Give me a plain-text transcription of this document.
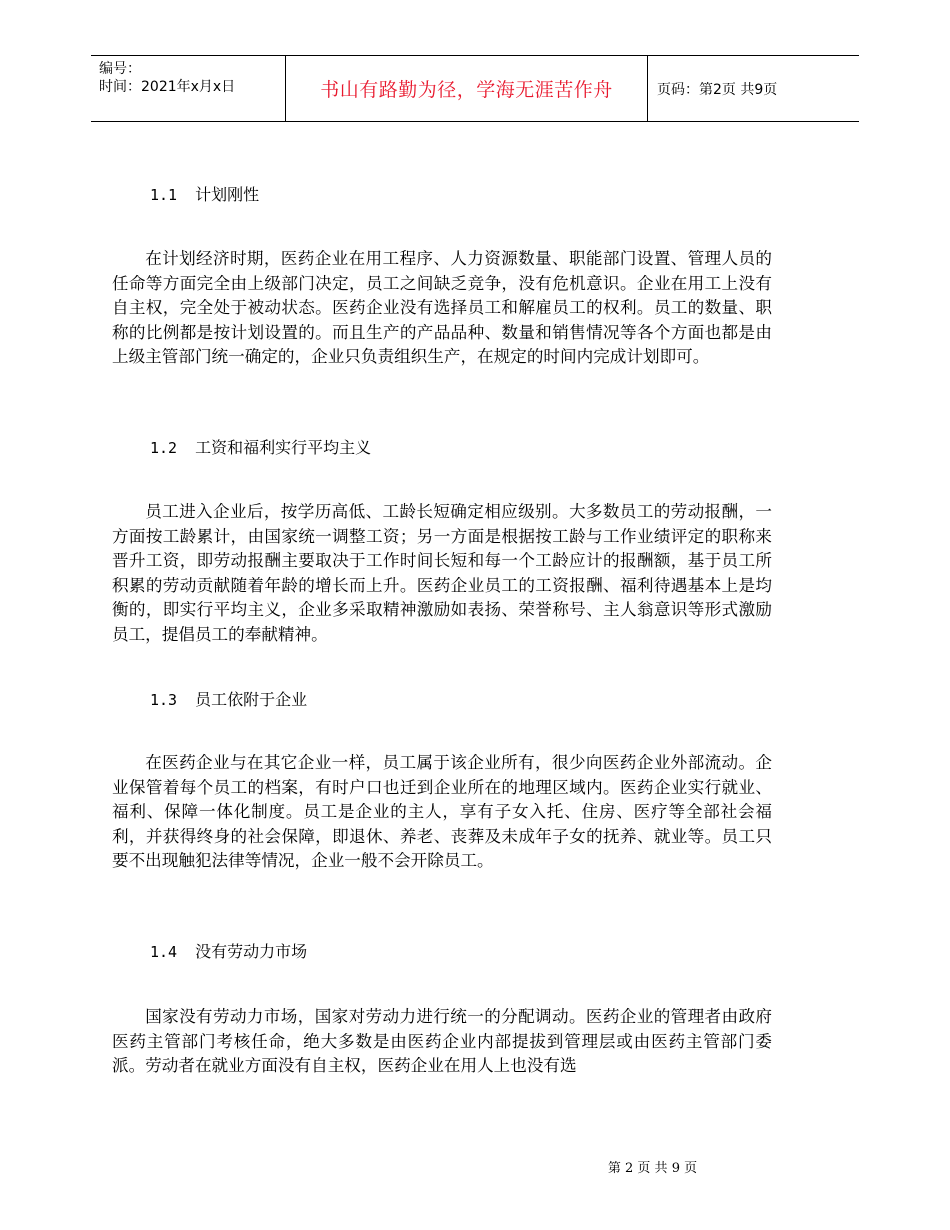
编号：
时间：2021年x月x日	书山有路勤为径，学海无涯苦作舟	页码：第2页 共9页
1.1 计划刚性

在计划经济时期，医药企业在用工程序、人力资源数量、职能部门设置、管理人员的任命等方面完全由上级部门决定，员工之间缺乏竞争，没有危机意识。企业在用工上没有自主权，完全处于被动状态。医药企业没有选择员工和解雇员工的权利。员工的数量、职称的比例都是按计划设置的。而且生产的产品品种、数量和销售情况等各个方面也都是由上级主管部门统一确定的，企业只负责组织生产，在规定的时间内完成计划即可。

1.2 工资和福利实行平均主义

员工进入企业后，按学历高低、工龄长短确定相应级别。大多数员工的劳动报酬，一方面按工龄累计，由国家统一调整工资；另一方面是根据按工龄与工作业绩评定的职称来晋升工资，即劳动报酬主要取决于工作时间长短和每一个工龄应计的报酬额，基于员工所积累的劳动贡献随着年龄的增长而上升。医药企业员工的工资报酬、福利待遇基本上是均衡的，即实行平均主义，企业多采取精神激励如表扬、荣誉称号、主人翁意识等形式激励员工，提倡员工的奉献精神。

1.3 员工依附于企业

在医药企业与在其它企业一样，员工属于该企业所有，很少向医药企业外部流动。企业保管着每个员工的档案，有时户口也迁到企业所在的地理区域内。医药企业实行就业、福利、保障一体化制度。员工是企业的主人，享有子女入托、住房、医疗等全部社会福利，并获得终身的社会保障，即退休、养老、丧葬及未成年子女的抚养、就业等。员工只要不出现触犯法律等情况，企业一般不会开除员工。

1.4 没有劳动力市场

国家没有劳动力市场，国家对劳动力进行统一的分配调动。医药企业的管理者由政府医药主管部门考核任命，绝大多数是由医药企业内部提拔到管理层或由医药主管部门委派。劳动者在就业方面没有自主权，医药企业在用人上也没有选

第 2 页 共 9 页
